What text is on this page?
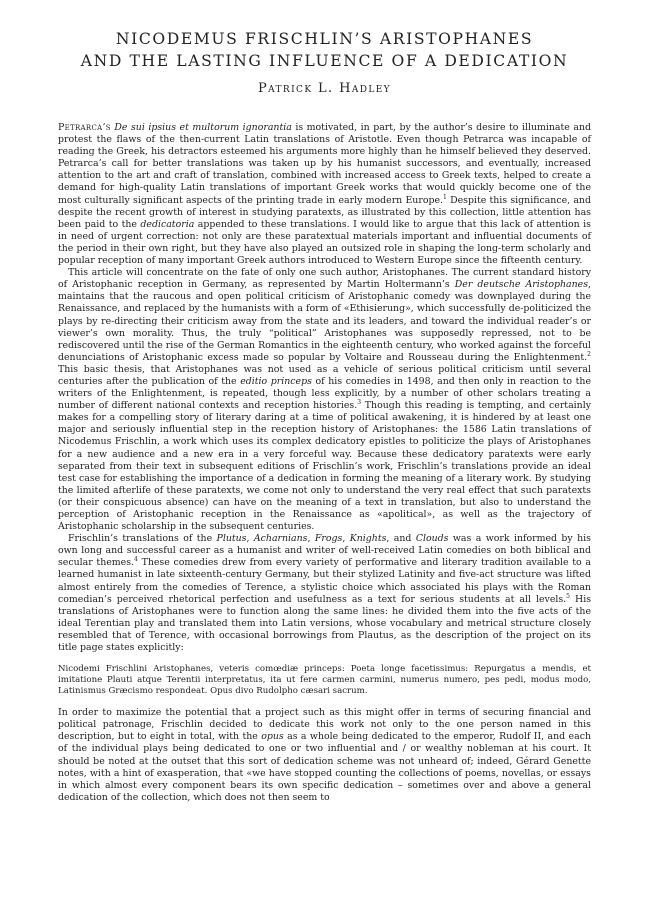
NICODEMUS FRISCHLIN’S ARISTOPHANES
AND THE LASTING INFLUENCE OF A DEDICATION
Patrick L. Hadley

Petrarca’s De sui ipsius et multorum ignorantia is motivated, in part, by the author’s desire to illuminate and protest the flaws of the then-current Latin translations of Aristotle. Even though Petrarca was incapable of reading the Greek, his detractors esteemed his arguments more highly than he himself believed they deserved. Petrarca’s call for better translations was taken up by his humanist successors, and eventually, increased attention to the art and craft of translation, combined with increased access to Greek texts, helped to create a demand for high-quality Latin translations of important Greek works that would quickly become one of the most culturally significant aspects of the printing trade in early modern Europe.$^1$ Despite this significance, and despite the recent growth of interest in studying paratexts, as illustrated by this collection, little attention has been paid to the dedicatoria appended to these translations. I would like to argue that this lack of attention is in need of urgent correction: not only are these paratextual materials important and influential documents of the period in their own right, but they have also played an outsized role in shaping the long-term scholarly and popular reception of many important Greek authors introduced to Western Europe since the fifteenth century.

This article will concentrate on the fate of only one such author, Aristophanes. The current standard history of Aristophanic reception in Germany, as represented by Martin Holtermann’s Der deutsche Aristophanes, maintains that the raucous and open political criticism of Aristophanic comedy was downplayed during the Renaissance, and replaced by the humanists with a form of «Ethisierung», which successfully de-politicized the plays by re-directing their criticism away from the state and its leaders, and toward the individual reader’s or viewer’s own morality. Thus, the truly “political” Aristophanes was supposedly repressed, not to be rediscovered until the rise of the German Romantics in the eighteenth century, who worked against the forceful denunciations of Aristophanic excess made so popular by Voltaire and Rousseau during the Enlightenment.$^2$ This basic thesis, that Aristophanes was not used as a vehicle of serious political criticism until several centuries after the publication of the editio princeps of his comedies in 1498, and then only in reaction to the writers of the Enlightenment, is repeated, though less explicitly, by a number of other scholars treating a number of different national contexts and reception histories.$^3$ Though this reading is tempting, and certainly makes for a compelling story of literary daring at a time of political awakening, it is hindered by at least one major and seriously influential step in the reception history of Aristophanes: the 1586 Latin translations of Nicodemus Frischlin, a work which uses its complex dedicatory epistles to politicize the plays of Aristophanes for a new audience and a new era in a very forceful way. Because these dedicatory paratexts were early separated from their text in subsequent editions of Frischlin’s work, Frischlin’s translations provide an ideal test case for establishing the importance of a dedication in forming the meaning of a literary work. By studying the limited afterlife of these paratexts, we come not only to understand the very real effect that such paratexts (or their conspicuous absence) can have on the meaning of a text in translation, but also to understand the perception of Aristophanic reception in the Renaissance as «apolitical», as well as the trajectory of Aristophanic scholarship in the subsequent centuries.

Frischlin’s translations of the Plutus, Acharnians, Frogs, Knights, and Clouds was a work informed by his own long and successful career as a humanist and writer of well-received Latin comedies on both biblical and secular themes.$^4$ These comedies drew from every variety of performative and literary tradition available to a learned humanist in late sixteenth-century Germany, but their stylized Latinity and five-act structure was lifted almost entirely from the comedies of Terence, a stylistic choice which associated his plays with the Roman comedian’s perceived rhetorical perfection and usefulness as a text for serious students at all levels.$^5$ His translations of Aristophanes were to function along the same lines: he divided them into the five acts of the ideal Terentian play and translated them into Latin versions, whose vocabulary and metrical structure closely resembled that of Terence, with occasional borrowings from Plautus, as the description of the project on its title page states explicitly:

Nicodemi Frischlini Aristophanes, veteris comœdiæ princeps: Poeta longe facetissimus: Repurgatus a mendis, et imitatione Plauti atque Terentii interpretatus, ita ut fere carmen carmini, numerus numero, pes pedi, modus modo, Latinismus Græcismo respondeat. Opus divo Rudolpho cæsari sacrum.

In order to maximize the potential that a project such as this might offer in terms of securing financial and political patronage, Frischlin decided to dedicate this work not only to the one person named in this description, but to eight in total, with the opus as a whole being dedicated to the emperor, Rudolf II, and each of the individual plays being dedicated to one or two influential and / or wealthy nobleman at his court. It should be noted at the outset that this sort of dedication scheme was not unheard of; indeed, Gérard Genette notes, with a hint of exasperation, that «we have stopped counting the collections of poems, novellas, or essays in which almost every component bears its own specific dedication – sometimes over and above a general dedication of the collection, which does not then seem to
